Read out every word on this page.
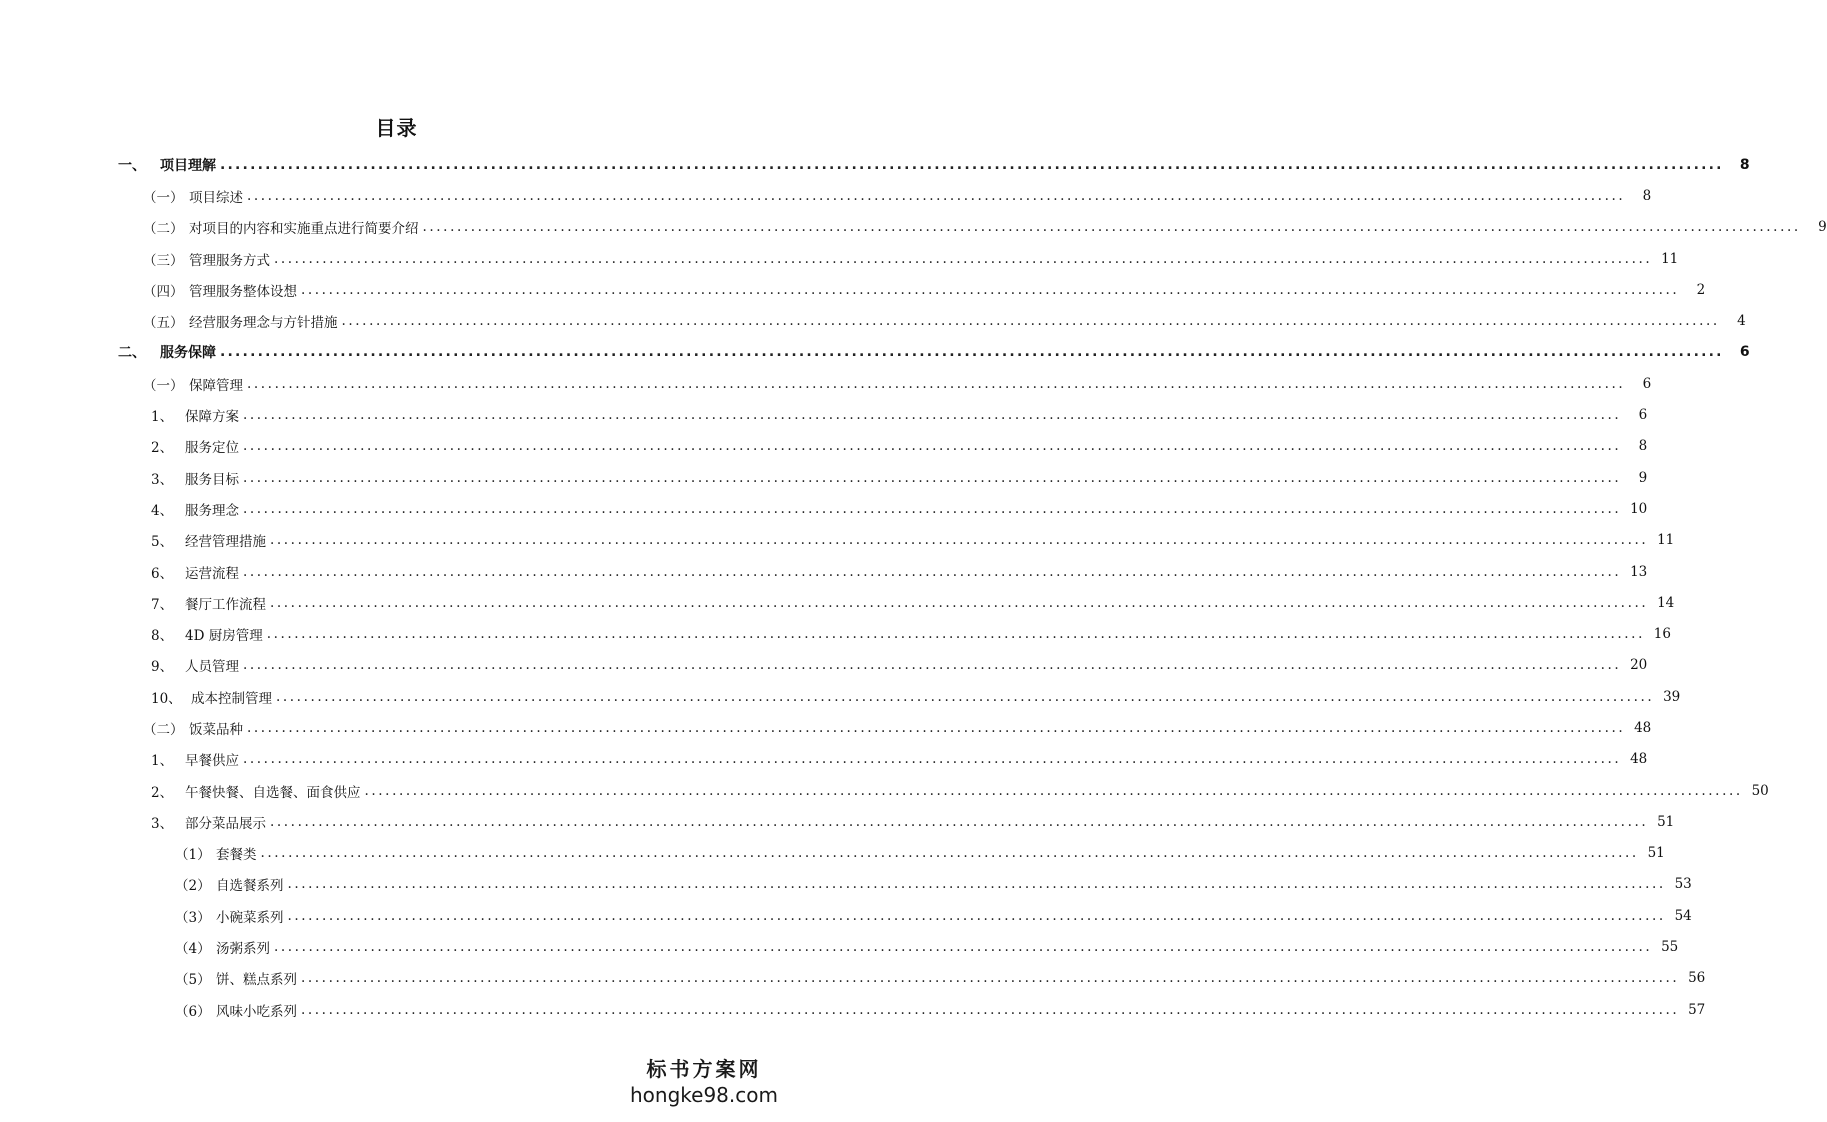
目录
一、	项目理解 ........................................................................................................................................................................................................	8
（一） 项目综述 ........................................................................................................................................................................................................	8
（二） 对项目的内容和实施重点进行简要介绍 ........................................................................................................................................................................................................	9
（三） 管理服务方式 ........................................................................................................................................................................................................ 11
（四） 管理服务整体设想 ........................................................................................................................................................................................................	2
（五） 经营服务理念与方针措施 ........................................................................................................................................................................................................	4
二、	服务保障 ........................................................................................................................................................................................................	6
（一） 保障管理 ........................................................................................................................................................................................................	6
1、 保障方案 ........................................................................................................................................................................................................	6
2、 服务定位 ........................................................................................................................................................................................................	8
3、 服务目标 ........................................................................................................................................................................................................	9
4、 服务理念 ........................................................................................................................................................................................................ 10
5、 经营管理措施 ........................................................................................................................................................................................................ 11
6、 运营流程 ........................................................................................................................................................................................................ 13
7、 餐厅工作流程 ........................................................................................................................................................................................................ 14
8、 4D 厨房管理 ........................................................................................................................................................................................................ 16
9、 人员管理 ........................................................................................................................................................................................................ 20
10、 成本控制管理 ........................................................................................................................................................................................................ 39
（二） 饭菜品种 ........................................................................................................................................................................................................ 48
1、 早餐供应 ........................................................................................................................................................................................................ 48
2、 午餐快餐、自选餐、面食供应 ........................................................................................................................................................................................................ 50
3、 部分菜品展示 ........................................................................................................................................................................................................ 51
（1） 套餐类 ........................................................................................................................................................................................................ 51
（2） 自选餐系列 ........................................................................................................................................................................................................ 53
（3） 小碗菜系列 ........................................................................................................................................................................................................ 54
（4） 汤粥系列 ........................................................................................................................................................................................................ 55
（5） 饼、糕点系列 ........................................................................................................................................................................................................ 56
（6） 风味小吃系列 ........................................................................................................................................................................................................ 57
标书方案网
hongke98.com
